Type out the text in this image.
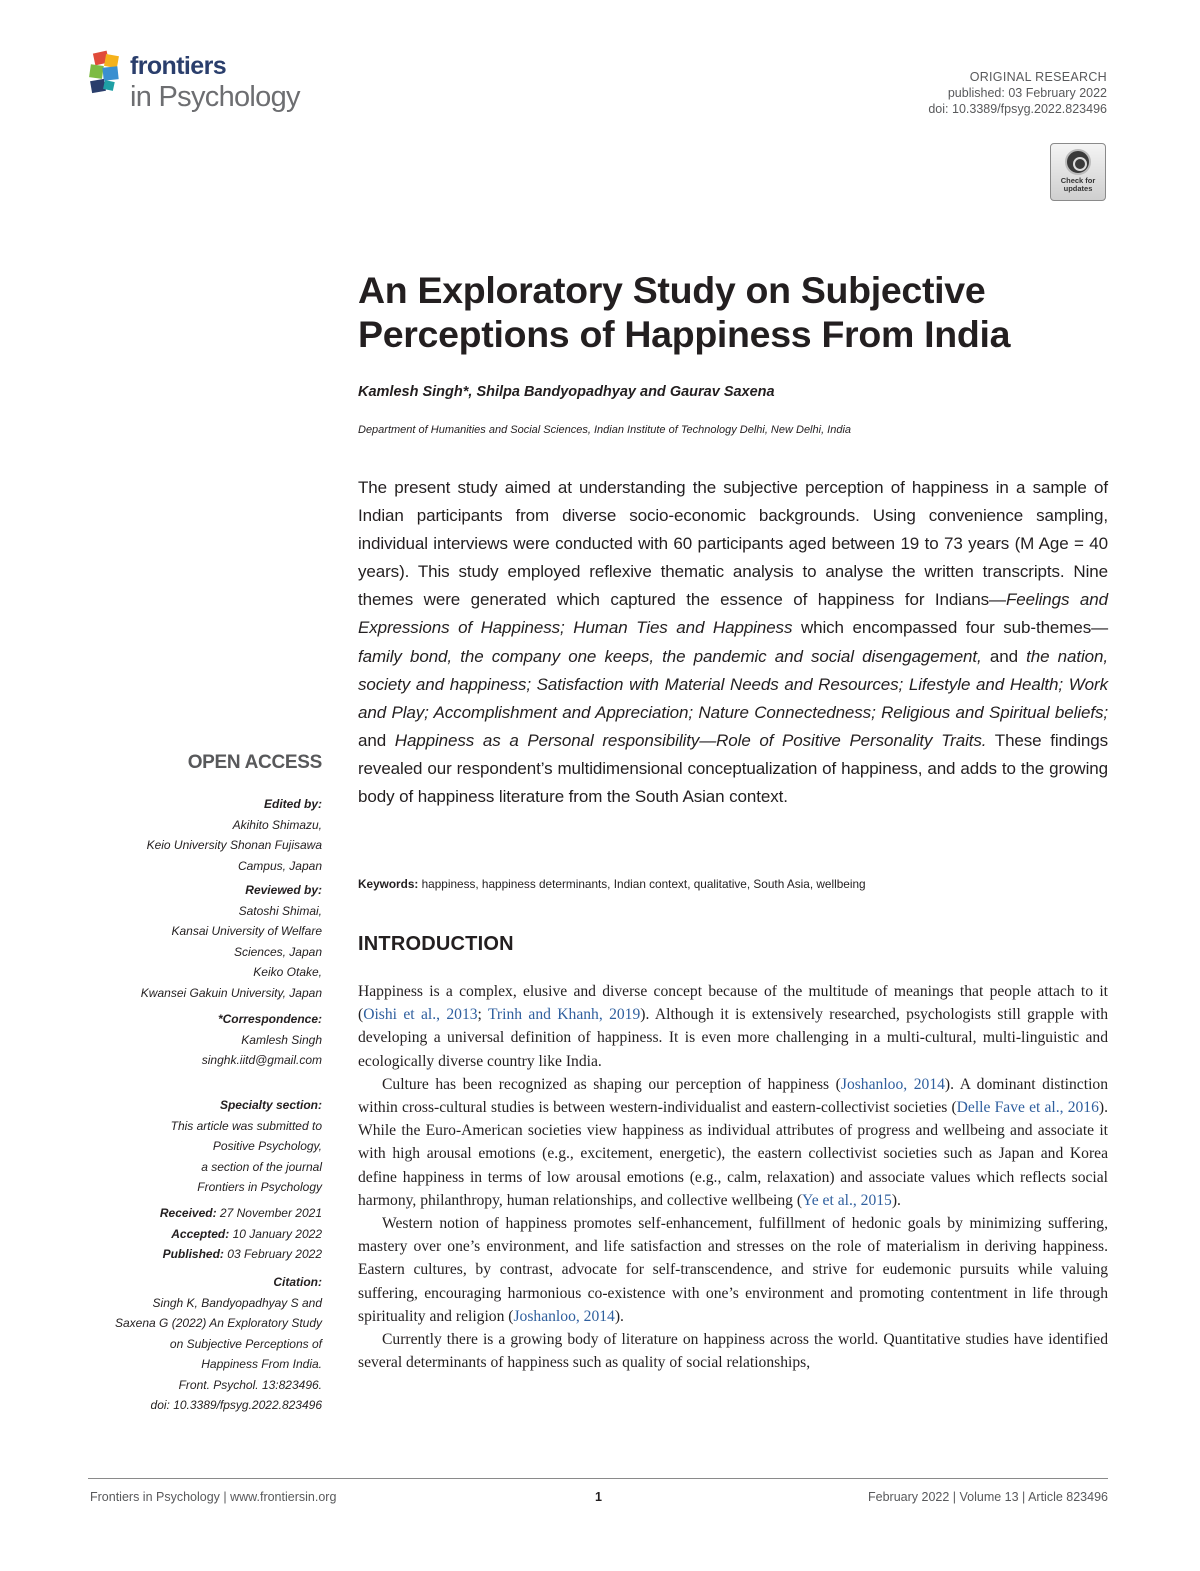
frontiers
in Psychology
ORIGINAL RESEARCH
published: 03 February 2022
doi: 10.3389/fpsyg.2022.823496
Check for updates
An Exploratory Study on Subjective Perceptions of Happiness From India
Kamlesh Singh*, Shilpa Bandyopadhyay and Gaurav Saxena
Department of Humanities and Social Sciences, Indian Institute of Technology Delhi, New Delhi, India

The present study aimed at understanding the subjective perception of happiness in a sample of Indian participants from diverse socio-economic backgrounds. Using convenience sampling, individual interviews were conducted with 60 participants aged between 19 to 73 years (M Age = 40 years). This study employed reflexive thematic analysis to analyse the written transcripts. Nine themes were generated which captured the essence of happiness for Indians—Feelings and Expressions of Happiness; Human Ties and Happiness which encompassed four sub-themes—family bond, the company one keeps, the pandemic and social disengagement, and the nation, society and happiness; Satisfaction with Material Needs and Resources; Lifestyle and Health; Work and Play; Accomplishment and Appreciation; Nature Connectedness; Religious and Spiritual beliefs; and Happiness as a Personal responsibility—Role of Positive Personality Traits. These findings revealed our respondent’s multidimensional conceptualization of happiness, and adds to the growing body of happiness literature from the South Asian context.

Keywords: happiness, happiness determinants, Indian context, qualitative, South Asia, wellbeing
INTRODUCTION

Happiness is a complex, elusive and diverse concept because of the multitude of meanings that people attach to it (Oishi et al., 2013; Trinh and Khanh, 2019). Although it is extensively researched, psychologists still grapple with developing a universal definition of happiness. It is even more challenging in a multi-cultural, multi-linguistic and ecologically diverse country like India.

Culture has been recognized as shaping our perception of happiness (Joshanloo, 2014). A dominant distinction within cross-cultural studies is between western-individualist and eastern-collectivist societies (Delle Fave et al., 2016). While the Euro-American societies view happiness as individual attributes of progress and wellbeing and associate it with high arousal emotions (e.g., excitement, energetic), the eastern collectivist societies such as Japan and Korea define happiness in terms of low arousal emotions (e.g., calm, relaxation) and associate values which reflects social harmony, philanthropy, human relationships, and collective wellbeing (Ye et al., 2015).

Western notion of happiness promotes self-enhancement, fulfillment of hedonic goals by minimizing suffering, mastery over one’s environment, and life satisfaction and stresses on the role of materialism in deriving happiness. Eastern cultures, by contrast, advocate for self-transcendence, and strive for eudemonic pursuits while valuing suffering, encouraging harmonious co-existence with one’s environment and promoting contentment in life through spirituality and religion (Joshanloo, 2014).

Currently there is a growing body of literature on happiness across the world. Quantitative studies have identified several determinants of happiness such as quality of social relationships,

OPEN ACCESS
Edited by:
Akihito Shimazu,
Keio University Shonan Fujisawa
Campus, Japan
Reviewed by:
Satoshi Shimai,
Kansai University of Welfare
Sciences, Japan
Keiko Otake,
Kwansei Gakuin University, Japan
*Correspondence:
Kamlesh Singh
singhk.iitd@gmail.com
Specialty section:
This article was submitted to
Positive Psychology,
a section of the journal
Frontiers in Psychology
Received: 27 November 2021
Accepted: 10 January 2022
Published: 03 February 2022
Citation:
Singh K, Bandyopadhyay S and
Saxena G (2022) An Exploratory Study
on Subjective Perceptions of
Happiness From India.
Front. Psychol. 13:823496.
doi: 10.3389/fpsyg.2022.823496
Frontiers in Psychology | www.frontiersin.org	1	February 2022 | Volume 13 | Article 823496
